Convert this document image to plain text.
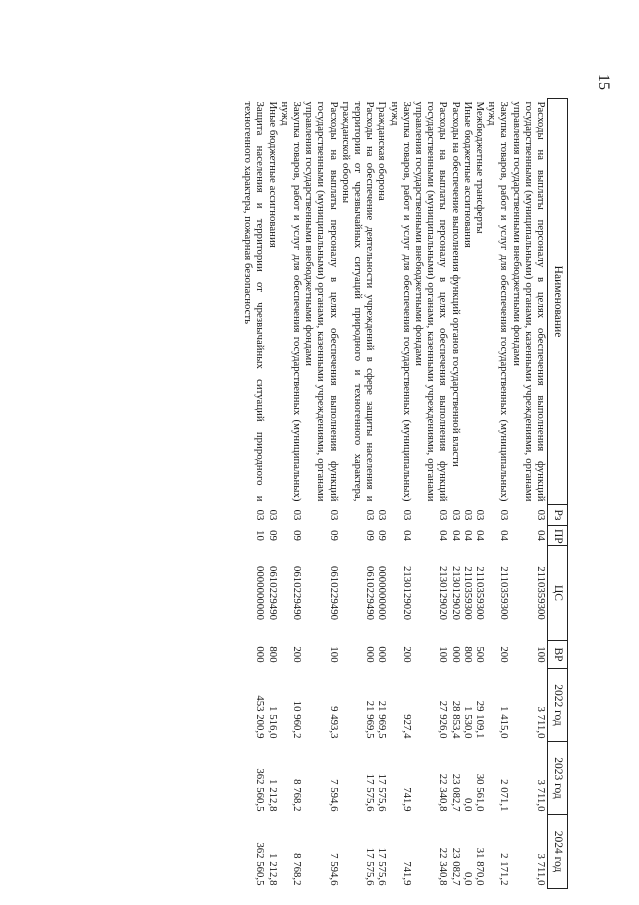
15
Наименование	Рз	ПР	ЦС	ВР	2022 год	2023 год	2024 год
Расходы на выплаты персоналу в целях обеспечения выполнения функций государственными (муниципальными) органами, казенными учреждениями, органами управления государственными внебюджетными фондами	03	04	2110359300	100	3 711,0	3 711,0	3 711,0
Закупка товаров, работ и услуг для обеспечения государственных (муниципальных) нужд	03	04	2110359300	200	1 415,0	2 071,1	2 171,2
Межбюджетные трансферты	03	04	2110359300	500	29 109,1	30 561,0	31 870,0
Иные бюджетные ассигнования	03	04	2110359300	800	1 530,0	0,0	0,0
Расходы на обеспечение выполнения функций органов государственной власти	03	04	2130129020	000	28 853,4	23 082,7	23 082,7
Расходы на выплаты персоналу в целях обеспечения выполнения функций государственными (муниципальными) органами, казенными учреждениями, органами управления государственными внебюджетными фондами	03	04	2130129020	100	27 926,0	22 340,8	22 340,8
Закупка товаров, работ и услуг для обеспечения государственных (муниципальных) нужд	03	04	2130129020	200	927,4	741,9	741,9
Гражданская оборона	03	09	0000000000	000	21 969,5	17 575,6	17 575,6
Расходы на обеспечение деятельности учреждений в сфере защиты населения и территории от чрезвычайных ситуаций природного и техногенного характера, гражданской обороны	03	09	0610229490	000	21 969,5	17 575,6	17 575,6
Расходы на выплаты персоналу в целях обеспечения выполнения функций государственными (муниципальными) органами, казенными учреждениями, органами управления государственными внебюджетными фондами	03	09	0610229490	100	9 493,3	7 594,6	7 594,6
Закупка товаров, работ и услуг для обеспечения государственных (муниципальных) нужд	03	09	0610229490	200	10 960,2	8 768,2	8 768,2
Иные бюджетные ассигнования	03	09	0610229490	800	1 516,0	1 212,8	1 212,8
Защита населения и территории от чрезвычайных ситуаций природного и техногенного характера, пожарная безопасность	03	10	0000000000	000	453 200,9	362 560,5	362 560,5
